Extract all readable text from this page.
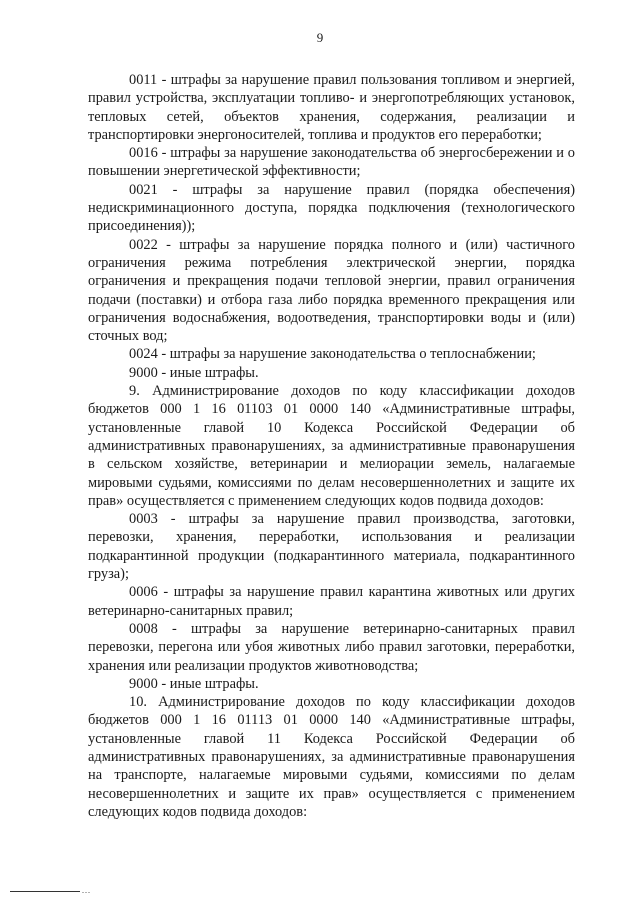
9

0011 - штрафы за нарушение правил пользования топливом и энергией, правил устройства, эксплуатации топливо- и энергопотребляющих установок, тепловых сетей, объектов хранения, содержания, реализации и транспортировки энергоносителей, топлива и продуктов его переработки;

0016 - штрафы за нарушение законодательства об энергосбережении и о повышении энергетической эффективности;

0021 - штрафы за нарушение правил (порядка обеспечения) недискриминационного доступа, порядка подключения (технологического присоединения));

0022 - штрафы за нарушение порядка полного и (или) частичного ограничения режима потребления электрической энергии, порядка ограничения и прекращения подачи тепловой энергии, правил ограничения подачи (поставки) и отбора газа либо порядка временного прекращения или ограничения водоснабжения, водоотведения, транспортировки воды и (или) сточных вод;

0024 - штрафы за нарушение законодательства о теплоснабжении;

9000 - иные штрафы.

9. Администрирование доходов по коду классификации доходов бюджетов 000 1 16 01103 01 0000 140 «Административные штрафы, установленные главой 10 Кодекса Российской Федерации об административных правонарушениях, за административные правонарушения в сельском хозяйстве, ветеринарии и мелиорации земель, налагаемые мировыми судьями, комиссиями по делам несовершеннолетних и защите их прав» осуществляется с применением следующих кодов подвида доходов:

0003 - штрафы за нарушение правил производства, заготовки, перевозки, хранения, переработки, использования и реализации подкарантинной продукции (подкарантинного материала, подкарантинного груза);

0006 - штрафы за нарушение правил карантина животных или других ветеринарно-санитарных правил;

0008 - штрафы за нарушение ветеринарно-санитарных правил перевозки, перегона или убоя животных либо правил заготовки, переработки, хранения или реализации продуктов животноводства;

9000 - иные штрафы.

10. Администрирование доходов по коду классификации доходов бюджетов 000 1 16 01113 01 0000 140 «Административные штрафы, установленные главой 11 Кодекса Российской Федерации об административных правонарушениях, за административные правонарушения на транспорте, налагаемые мировыми судьями, комиссиями по делам несовершеннолетних и защите их прав» осуществляется с применением следующих кодов подвида доходов:

...
